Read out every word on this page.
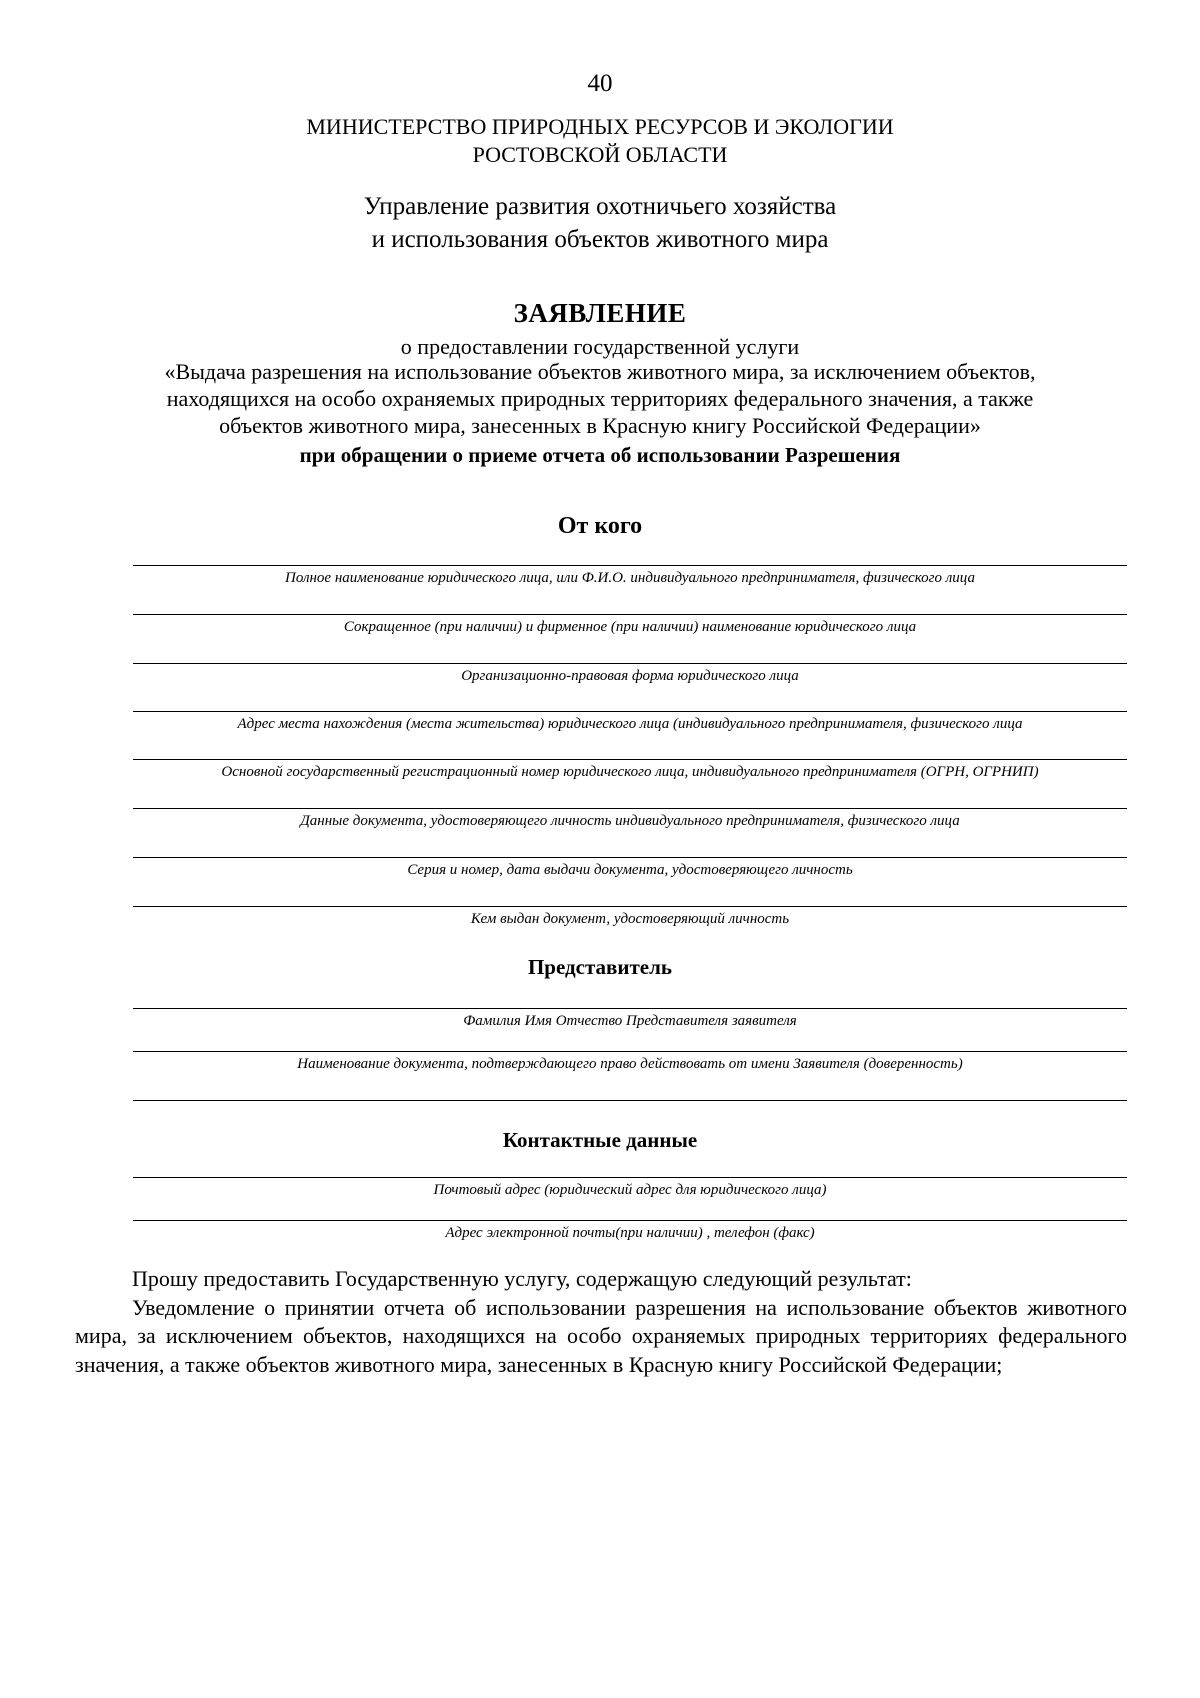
40
МИНИСТЕРСТВО ПРИРОДНЫХ РЕСУРСОВ И ЭКОЛОГИИ
РОСТОВСКОЙ ОБЛАСТИ
Управление развития охотничьего хозяйства
и использования объектов животного мира
ЗАЯВЛЕНИЕ
о предоставлении государственной услуги
«Выдача разрешения на использование объектов животного мира, за исключением объектов,
находящихся на особо охраняемых природных территориях федерального значения, а также
объектов животного мира, занесенных в Красную книгу Российской Федерации»
при обращении о приеме отчета об использовании Разрешения
От кого
Полное наименование юридического лица, или Ф.И.О. индивидуального предпринимателя, физического лица
Сокращенное (при наличии) и фирменное (при наличии) наименование юридического лица
Организационно-правовая форма юридического лица
Адрес места нахождения (места жительства) юридического лица (индивидуального предпринимателя, физического лица
Основной государственный регистрационный номер юридического лица, индивидуального предпринимателя (ОГРН, ОГРНИП)
Данные документа, удостоверяющего личность индивидуального предпринимателя, физического лица
Серия и номер, дата выдачи документа, удостоверяющего личность
Кем выдан документ, удостоверяющий личность
Представитель
Фамилия Имя Отчество Представителя заявителя
Наименование документа, подтверждающего право действовать от имени Заявителя (доверенность)
Контактные данные
Почтовый адрес (юридический адрес для юридического лица)
Адрес электронной почты(при наличии) , телефон (факс)

Прошу предоставить Государственную услугу, содержащую следующий результат:

Уведомление о принятии отчета об использовании разрешения на использование объектов животного мира, за исключением объектов, находящихся на особо охраняемых природных территориях федерального значения, а также объектов животного мира, занесенных в Красную книгу Российской Федерации;
